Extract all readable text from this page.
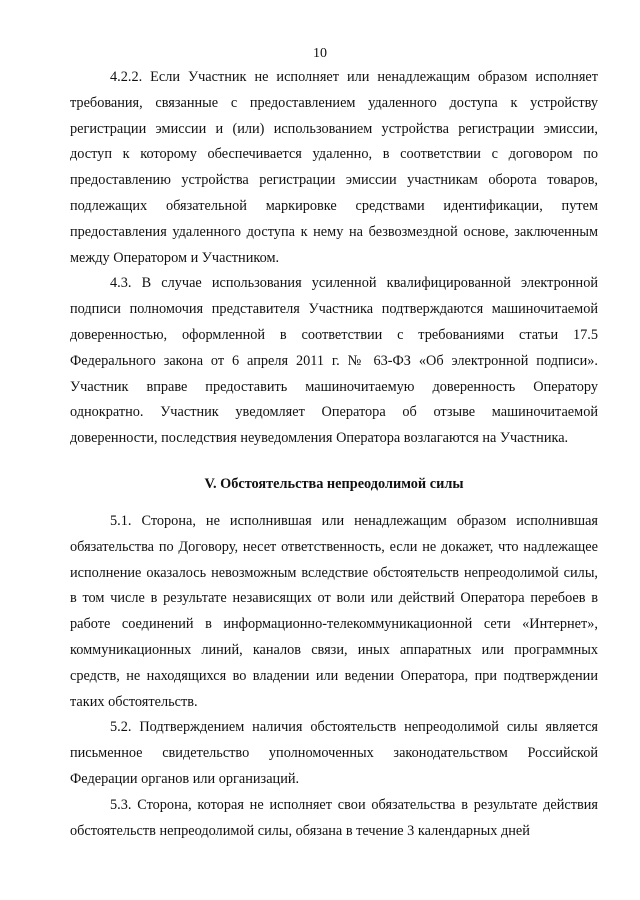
10

4.2.2. Если Участник не исполняет или ненадлежащим образом исполняет требования, связанные с предоставлением удаленного доступа к устройству регистрации эмиссии и (или) использованием устройства регистрации эмиссии, доступ к которому обеспечивается удаленно, в соответствии с договором по предоставлению устройства регистрации эмиссии участникам оборота товаров, подлежащих обязательной маркировке средствами идентификации, путем предоставления удаленного доступа к нему на безвозмездной основе, заключенным между Оператором и Участником.

4.3. В случае использования усиленной квалифицированной электронной подписи полномочия представителя Участника подтверждаются машиночитаемой доверенностью, оформленной в соответствии с требованиями статьи 17.5 Федерального закона от 6 апреля 2011 г. № 63-ФЗ «Об электронной подписи». Участник вправе предоставить машиночитаемую доверенность Оператору однократно. Участник уведомляет Оператора об отзыве машиночитаемой доверенности, последствия неуведомления Оператора возлагаются на Участника.

V. Обстоятельства непреодолимой силы

5.1. Сторона, не исполнившая или ненадлежащим образом исполнившая обязательства по Договору, несет ответственность, если не докажет, что надлежащее исполнение оказалось невозможным вследствие обстоятельств непреодолимой силы, в том числе в результате независящих от воли или действий Оператора перебоев в работе соединений в информационно-телекоммуникационной сети «Интернет», коммуникационных линий, каналов связи, иных аппаратных или программных средств, не находящихся во владении или ведении Оператора, при подтверждении таких обстоятельств.

5.2. Подтверждением наличия обстоятельств непреодолимой силы является письменное свидетельство уполномоченных законодательством Российской Федерации органов или организаций.

5.3. Сторона, которая не исполняет свои обязательства в результате действия обстоятельств непреодолимой силы, обязана в течение 3 календарных дней
